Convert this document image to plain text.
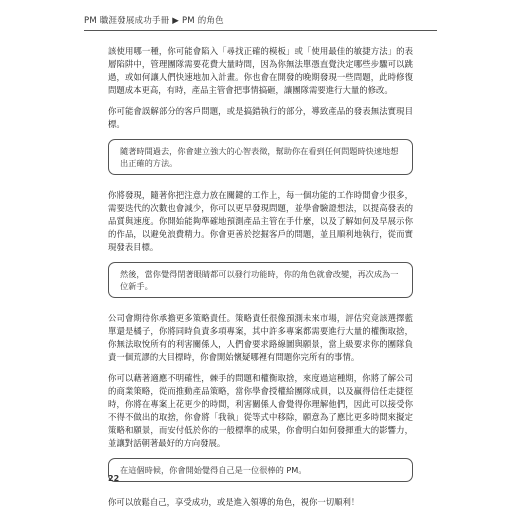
PM 職涯發展成功手冊 ▶ PM 的角色

該使用哪一種，你可能會陷入「尋找正確的模板」或「使用最佳的敏捷方法」的表層陷阱中，管理團隊需要花費大量時間，因為你無法單憑直覺決定哪些步驟可以跳過，或如何讓人們快速地加入計畫。你也會在開發的晚期發現一些問題，此時修復問題成本更高，有時，產品主管會把事情搞砸，讓團隊需要進行大量的修改。

你可能會誤解部分的客戶問題，或是搞錯執行的部分，導致產品的發表無法實現目標。

隨著時間過去，你會建立強大的心智表徵，幫助你在看到任何問題時快速地想出正確的方法。

你將發現，隨著你把注意力放在關鍵的工作上，每一個功能的工作時間會少很多，需要迭代的次數也會減少，你可以更早發現問題，並學會驗證想法，以提高發表的品質與速度。你開始能夠準確地預測產品主管在手什麼，以及了解如何及早展示你的作品，以避免浪費精力。你會更善於挖掘客戶的問題，並且順利地執行，從而實現發表目標。

然後，當你覺得閉著眼睛都可以發行功能時，你的角色就會改變，再次成為一位新手。

公司會期待你承擔更多策略責任。策略責任很像預測未來市場，評估究竟該選擇藍單還是橘子，你將同時負責多項專案，其中許多專案都需要進行大量的權衡取捨，你無法取悅所有的利害關係人，人們會要求路線圖與願景，當上級要求你的團隊負責一個荒謬的大目標時，你會開始懷疑哪裡有問題你完所有的事情。

你可以藉著適應不明確性，棘手的問題和權衡取捨，來度過這種期，你將了解公司的商業策略，從而推動產品策略，當你學會授權給團隊成員，以及贏得信任走捷徑時，你將在專案上花更少的時間，利害關係人會覺得你理解他們，因此可以接受你不得不做出的取捨，你會將「我執」從等式中移除，願意為了應比更多時間來擬定策略和願景，而安付低於你的一般標準的成果，你會明白如何發揮重大的影響力，並讓對話朝著最好的方向發展。

在這個時候，你會開始覺得自己是一位很棒的 PM。

你可以放鬆自己，享受成功，或是進入領導的角色，視你一切順利！

22
